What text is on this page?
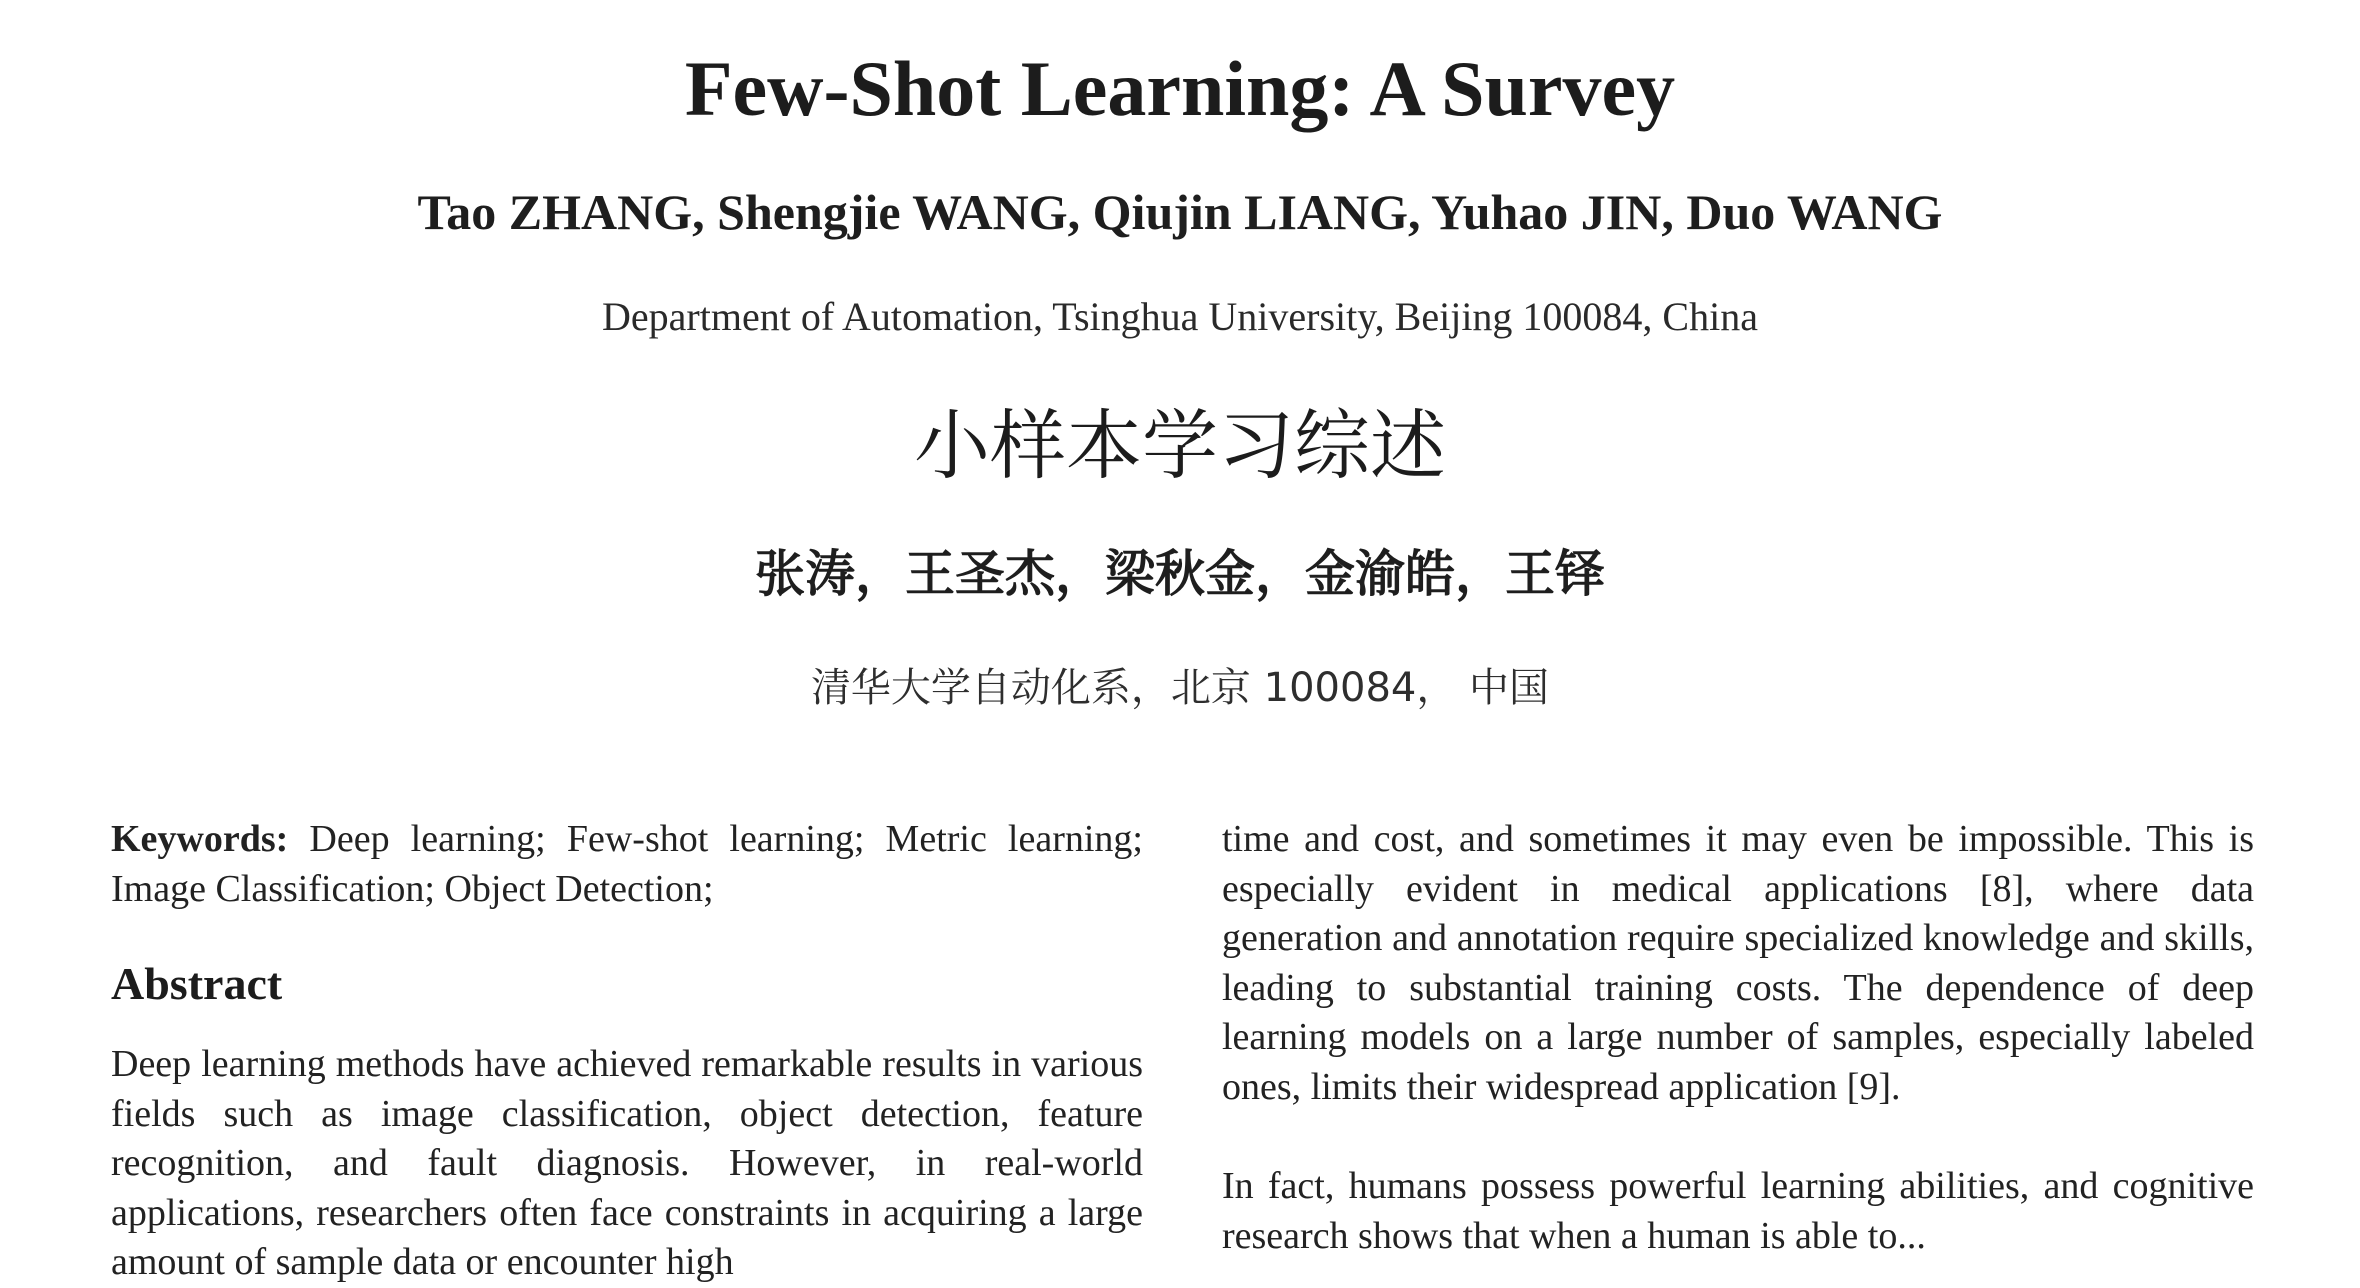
Few-Shot Learning: A Survey
Tao ZHANG, Shengjie WANG, Qiujin LIANG, Yuhao JIN, Duo WANG
Department of Automation, Tsinghua University, Beijing 100084, China
小样本学习综述
张涛，王圣杰，梁秋金，金渝皓，王铎
清华大学自动化系，北京 100084， 中国

Keywords: Deep learning; Few-shot learning; Metric learning; Image Classification; Object Detection;

Abstract

Deep learning methods have achieved remarkable results in various fields such as image classification, object detection, feature recognition, and fault diagnosis. However, in real-world applications, researchers often face constraints in acquiring a large amount of sample data or encounter high

time and cost, and sometimes it may even be impossible. This is especially evident in medical applications [8], where data generation and annotation require specialized knowledge and skills, leading to substantial training costs. The dependence of deep learning models on a large number of samples, especially labeled ones, limits their widespread application [9].

In fact, humans possess powerful learning abilities, and cognitive research shows that when a human is able to...
